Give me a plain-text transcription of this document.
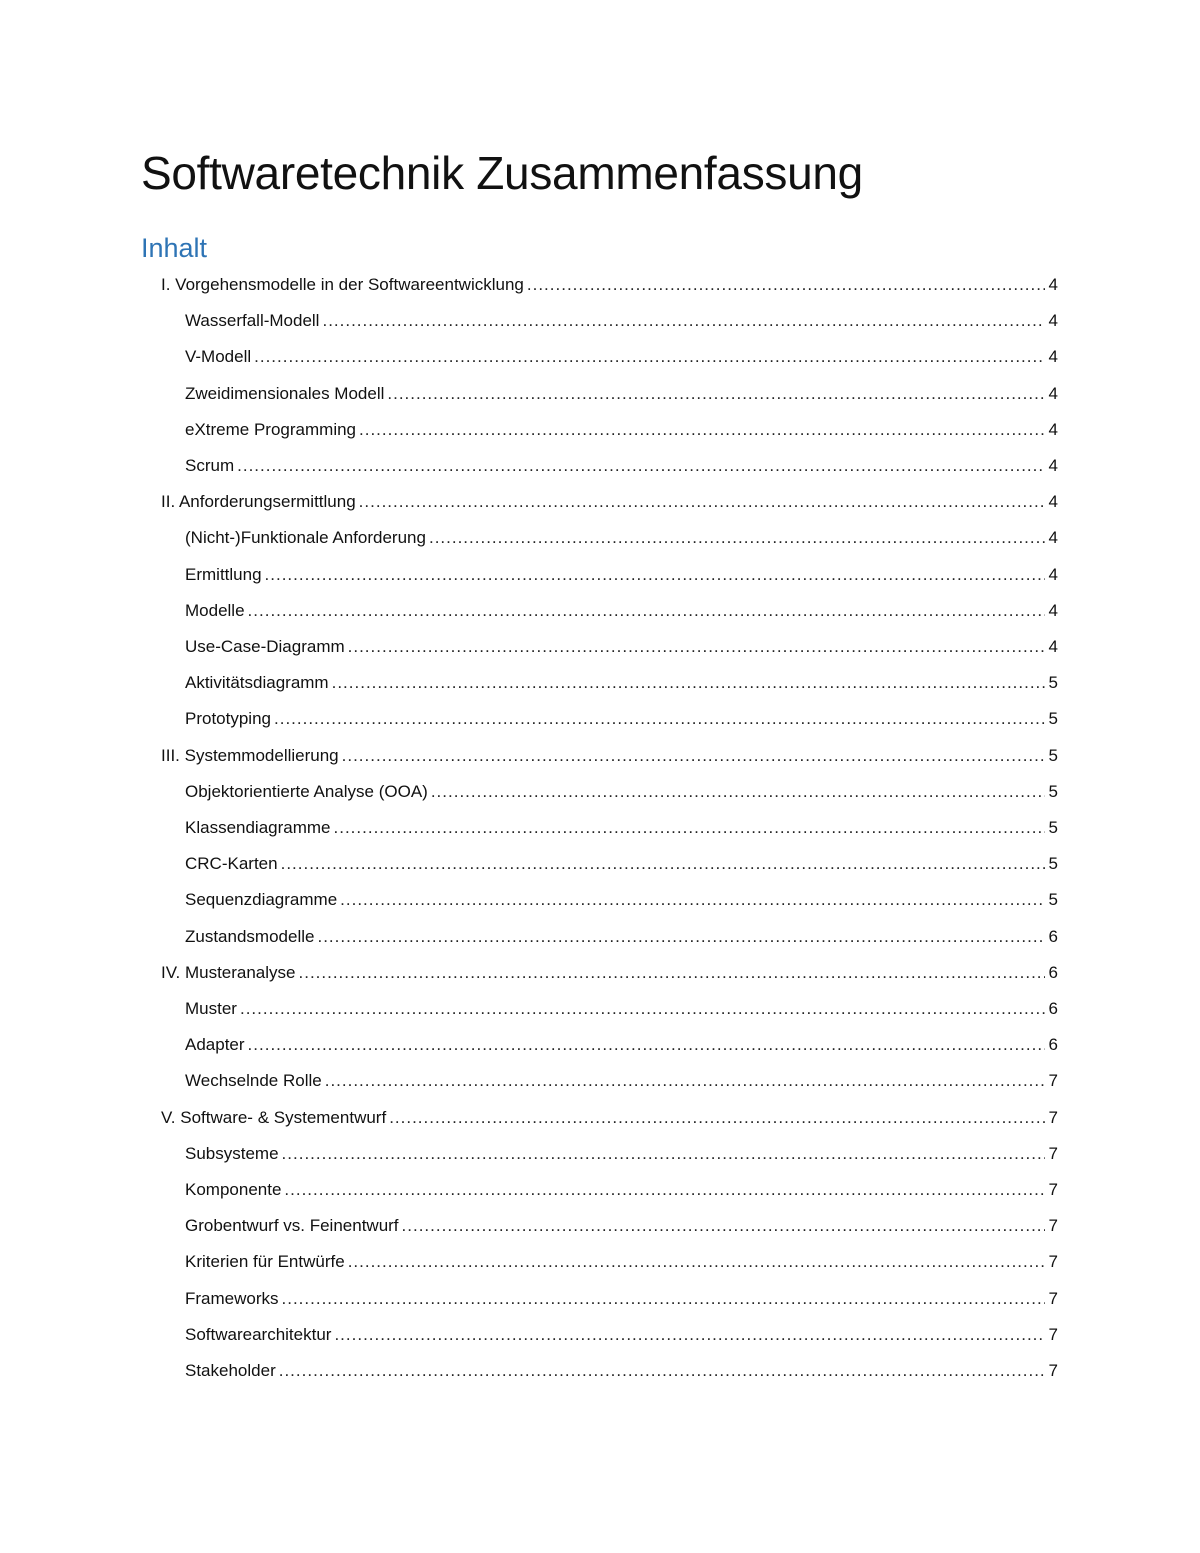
Softwaretechnik Zusammenfassung
Inhalt
I. Vorgehensmodelle in der Softwareentwicklung .....	4
Wasserfall-Modell .....	4
V-Modell .....	4
Zweidimensionales Modell .....	4
eXtreme Programming .....	4
Scrum .....	4
II. Anforderungsermittlung .....	4
(Nicht-)Funktionale Anforderung .....	4
Ermittlung .....	4
Modelle .....	4
Use-Case-Diagramm .....	4
Aktivitätsdiagramm .....	5
Prototyping .....	5
III. Systemmodellierung .....	5
Objektorientierte Analyse (OOA) .....	5
Klassendiagramme .....	5
CRC-Karten .....	5
Sequenzdiagramme .....	5
Zustandsmodelle .....	6
IV. Musteranalyse .....	6
Muster .....	6
Adapter .....	6
Wechselnde Rolle .....	7
V. Software- & Systementwurf .....	7
Subsysteme .....	7
Komponente .....	7
Grobentwurf vs. Feinentwurf .....	7
Kriterien für Entwürfe .....	7
Frameworks .....	7
Softwarearchitektur .....	7
Stakeholder .....	7
